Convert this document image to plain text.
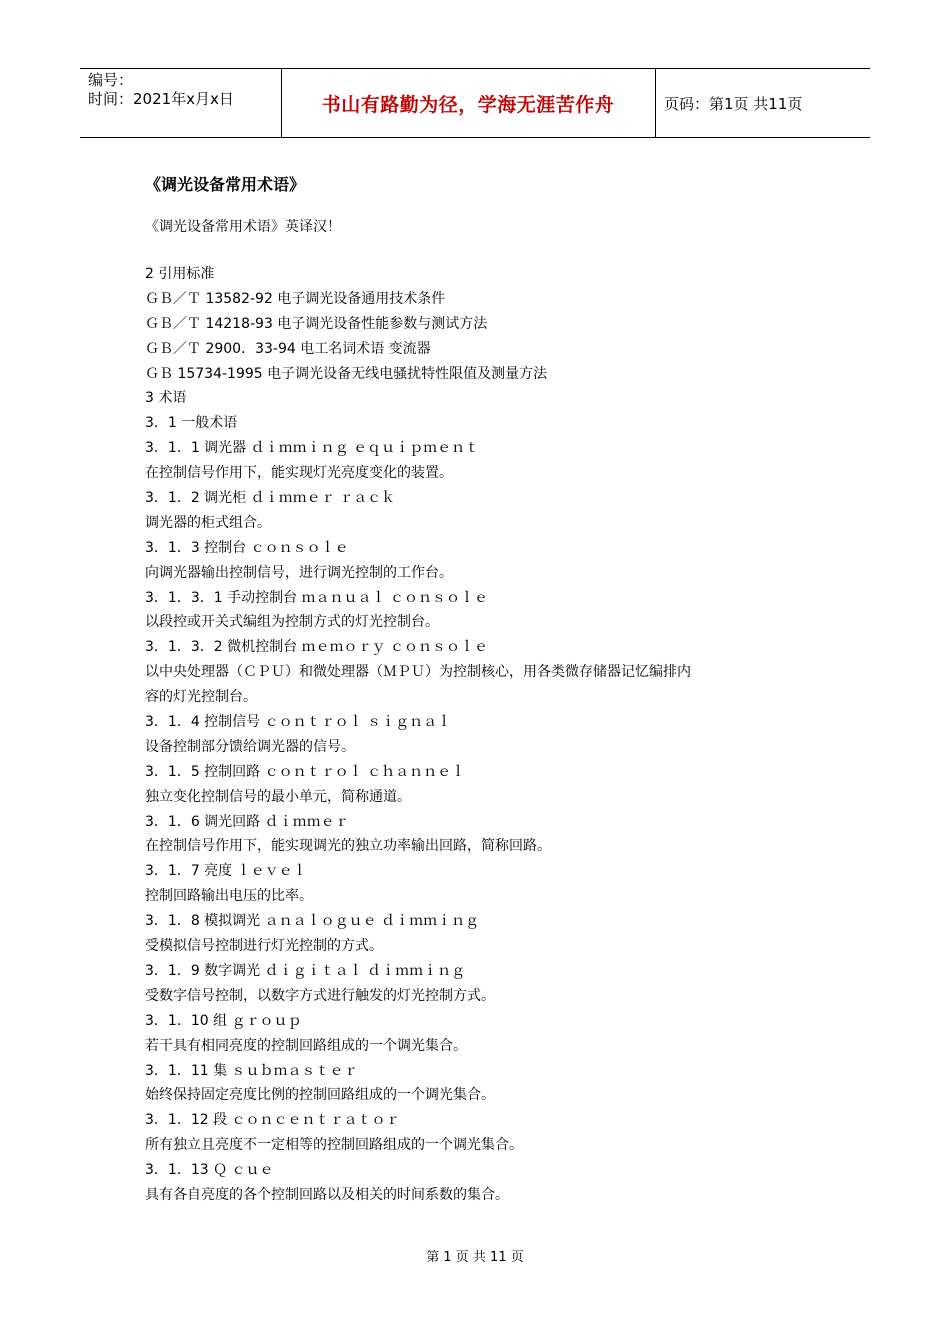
编号：
时间：2021年x月x日	书山有路勤为径，学海无涯苦作舟	页码：第1页 共11页
《调光设备常用术语》
《调光设备常用术语》英译汉！
2 引用标准
ＧＢ／Ｔ 13582-92 电子调光设备通用技术条件
ＧＢ／Ｔ 14218-93 电子调光设备性能参数与测试方法
ＧＢ／Ｔ 2900．33-94 电工名词术语 变流器
ＧＢ 15734-1995 电子调光设备无线电骚扰特性限值及测量方法
3 术语
3．1 一般术语
3．1．1 调光器 ｄｉｍｍｉｎｇ ｅｑｕｉｐｍｅｎｔ
在控制信号作用下，能实现灯光亮度变化的装置。
3．1．2 调光柜 ｄｉｍｍｅｒ ｒａｃｋ
调光器的柜式组合。
3．1．3 控制台 ｃｏｎｓｏｌｅ
向调光器输出控制信号，进行调光控制的工作台。
3．1．3．1 手动控制台 ｍａｎｕａｌ ｃｏｎｓｏｌｅ
以段控或开关式编组为控制方式的灯光控制台。
3．1．3．2 微机控制台 ｍｅｍｏｒｙ ｃｏｎｓｏｌｅ
以中央处理器（ＣＰＵ）和微处理器（ＭＰＵ）为控制核心，用各类微存储器记忆编排内
容的灯光控制台。
3．1．4 控制信号 ｃｏｎｔｒｏｌ ｓｉｇｎａｌ
设备控制部分馈给调光器的信号。
3．1．5 控制回路 ｃｏｎｔｒｏｌ ｃｈａｎｎｅｌ
独立变化控制信号的最小单元，简称通道。
3．1．6 调光回路 ｄｉｍｍｅｒ
在控制信号作用下，能实现调光的独立功率输出回路，简称回路。
3．1．7 亮度 ｌｅｖｅｌ
控制回路输出电压的比率。
3．1．8 模拟调光 ａｎａｌｏｇｕｅ ｄｉｍｍｉｎｇ
受模拟信号控制进行灯光控制的方式。
3．1．9 数字调光 ｄｉｇｉｔａｌ ｄｉｍｍｉｎｇ
受数字信号控制，以数字方式进行触发的灯光控制方式。
3．1．10 组 ｇｒｏｕｐ
若干具有相同亮度的控制回路组成的一个调光集合。
3．1．11 集 ｓｕｂｍａｓｔｅｒ
始终保持固定亮度比例的控制回路组成的一个调光集合。
3．1．12 段 ｃｏｎｃｅｎｔｒａｔｏｒ
所有独立且亮度不一定相等的控制回路组成的一个调光集合。
3．1．13 Ｑ ｃｕｅ
具有各自亮度的各个控制回路以及相关的时间系数的集合。
第 1 页 共 11 页
